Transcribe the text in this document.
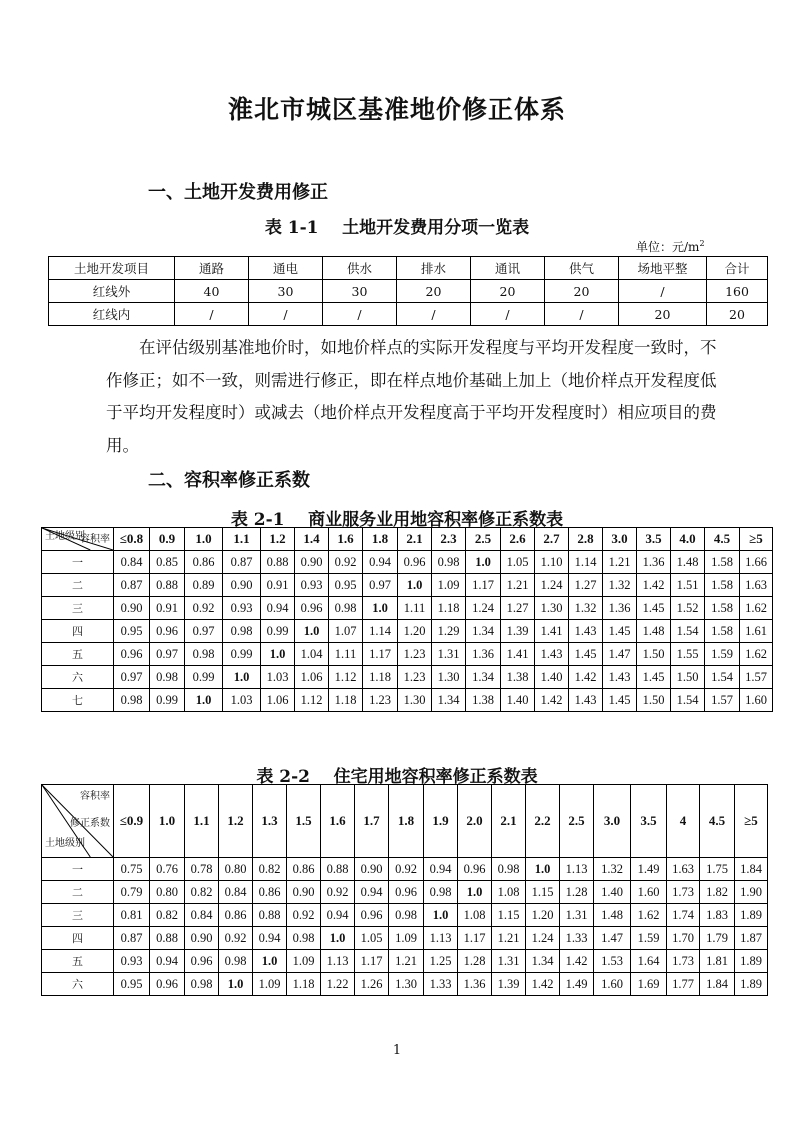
淮北市城区基准地价修正体系
一、土地开发费用修正
表 1-1    土地开发费用分项一览表
单位：元$/m^2$
土地开发项目	通路	通电	供水	排水	通讯	供气	场地平整	合计
红线外	40	30	30	20	20	20	/	160
红线内	/	/	/	/	/	/	20	20

在评估级别基准地价时，如地价样点的实际开发程度与平均开发程度一致时，不作修正；如不一致，则需进行修正，即在样点地价基础上加上（地价样点开发程度低于平均开发程度时）或减去（地价样点开发程度高于平均开发程度时）相应项目的费用。

二、容积率修正系数
表 2-1    商业服务业用地容积率修正系数表
容积率
土地级别	≤0.8	0.9	1.0	1.1	1.2	1.4	1.6	1.8	2.1	2.3	2.5	2.6	2.7	2.8	3.0	3.5	4.0	4.5	≥5
一	0.84	0.85	0.86	0.87	0.88	0.90	0.92	0.94	0.96	0.98	1.0	1.05	1.10	1.14	1.21	1.36	1.48	1.58	1.66
二	0.87	0.88	0.89	0.90	0.91	0.93	0.95	0.97	1.0	1.09	1.17	1.21	1.24	1.27	1.32	1.42	1.51	1.58	1.63
三	0.90	0.91	0.92	0.93	0.94	0.96	0.98	1.0	1.11	1.18	1.24	1.27	1.30	1.32	1.36	1.45	1.52	1.58	1.62
四	0.95	0.96	0.97	0.98	0.99	1.0	1.07	1.14	1.20	1.29	1.34	1.39	1.41	1.43	1.45	1.48	1.54	1.58	1.61
五	0.96	0.97	0.98	0.99	1.0	1.04	1.11	1.17	1.23	1.31	1.36	1.41	1.43	1.45	1.47	1.50	1.55	1.59	1.62
六	0.97	0.98	0.99	1.0	1.03	1.06	1.12	1.18	1.23	1.30	1.34	1.38	1.40	1.42	1.43	1.45	1.50	1.54	1.57
七	0.98	0.99	1.0	1.03	1.06	1.12	1.18	1.23	1.30	1.34	1.38	1.40	1.42	1.43	1.45	1.50	1.54	1.57	1.60
表 2-2    住宅用地容积率修正系数表
容积率
修正系数
土地级别	≤0.9	1.0	1.1	1.2	1.3	1.5	1.6	1.7	1.8	1.9	2.0	2.1	2.2	2.5	3.0	3.5	4	4.5	≥5
一	0.75	0.76	0.78	0.80	0.82	0.86	0.88	0.90	0.92	0.94	0.96	0.98	1.0	1.13	1.32	1.49	1.63	1.75	1.84
二	0.79	0.80	0.82	0.84	0.86	0.90	0.92	0.94	0.96	0.98	1.0	1.08	1.15	1.28	1.40	1.60	1.73	1.82	1.90
三	0.81	0.82	0.84	0.86	0.88	0.92	0.94	0.96	0.98	1.0	1.08	1.15	1.20	1.31	1.48	1.62	1.74	1.83	1.89
四	0.87	0.88	0.90	0.92	0.94	0.98	1.0	1.05	1.09	1.13	1.17	1.21	1.24	1.33	1.47	1.59	1.70	1.79	1.87
五	0.93	0.94	0.96	0.98	1.0	1.09	1.13	1.17	1.21	1.25	1.28	1.31	1.34	1.42	1.53	1.64	1.73	1.81	1.89
六	0.95	0.96	0.98	1.0	1.09	1.18	1.22	1.26	1.30	1.33	1.36	1.39	1.42	1.49	1.60	1.69	1.77	1.84	1.89
1
